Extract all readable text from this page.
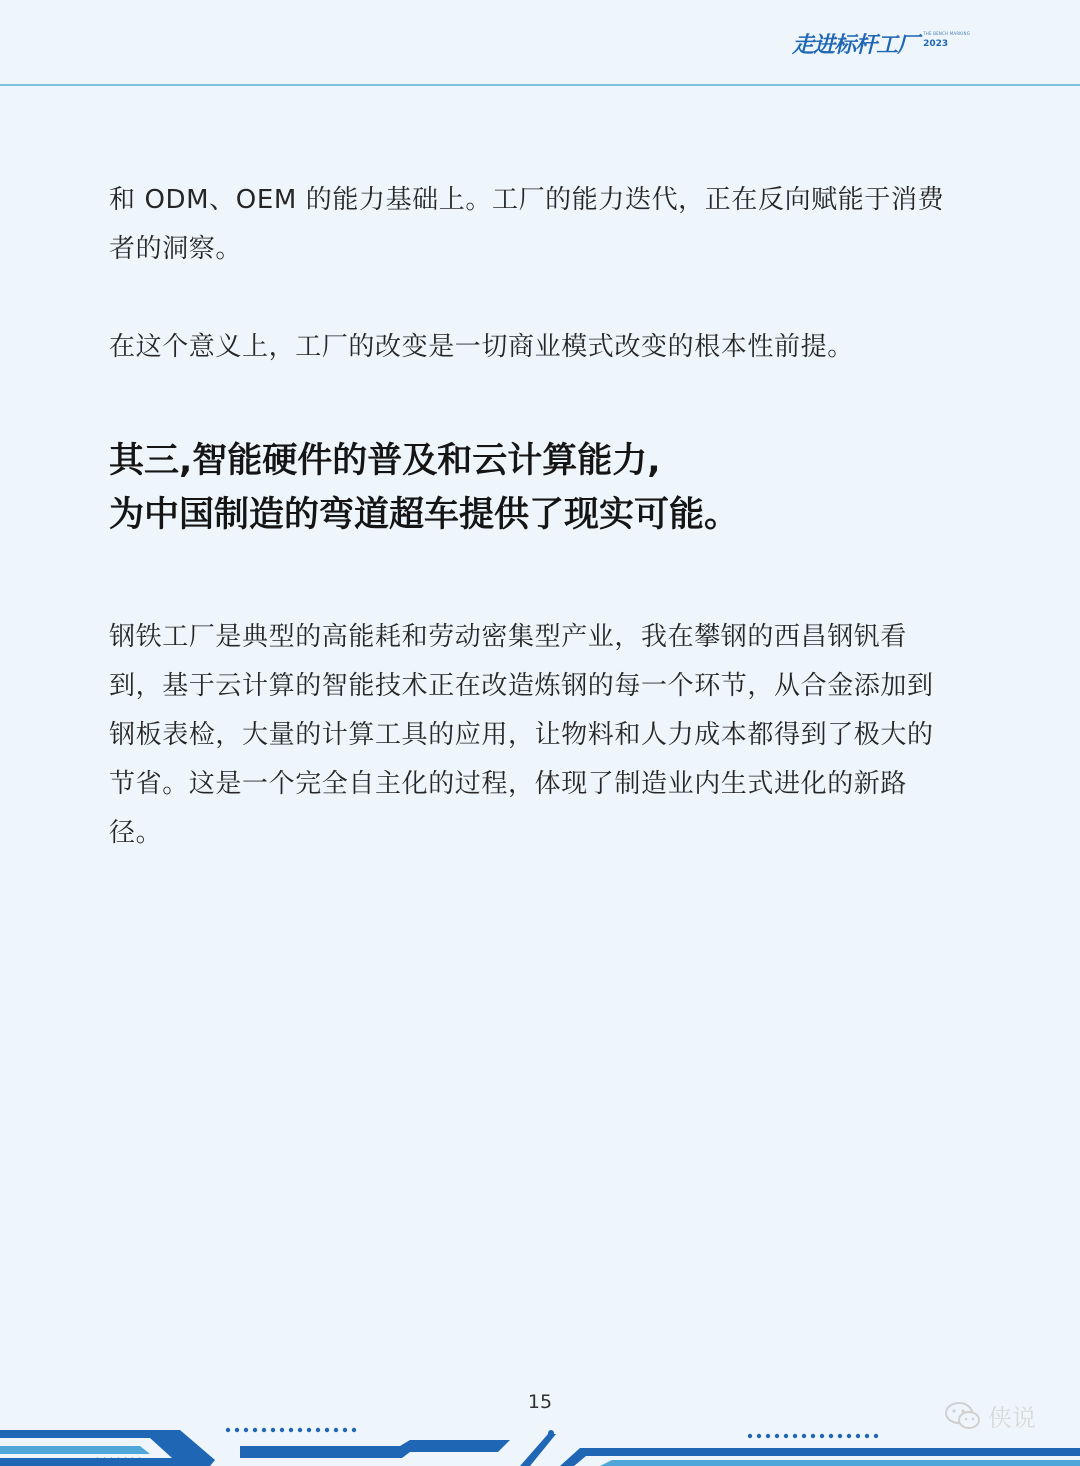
走进标杆工厂 THE BENCH MARKING
2023

和 ODM、OEM 的能力基础上。工厂的能力迭代，正在反向赋能于消费者的洞察。

在这个意义上，工厂的改变是一切商业模式改变的根本性前提。

其三,智能硬件的普及和云计算能力,
为中国制造的弯道超车提供了现实可能。

钢铁工厂是典型的高能耗和劳动密集型产业，我在攀钢的西昌钢钒看到，基于云计算的智能技术正在改造炼钢的每一个环节，从合金添加到钢板表检，大量的计算工具的应用，让物料和人力成本都得到了极大的节省。这是一个完全自主化的过程，体现了制造业内生式进化的新路径。

15
侠说
